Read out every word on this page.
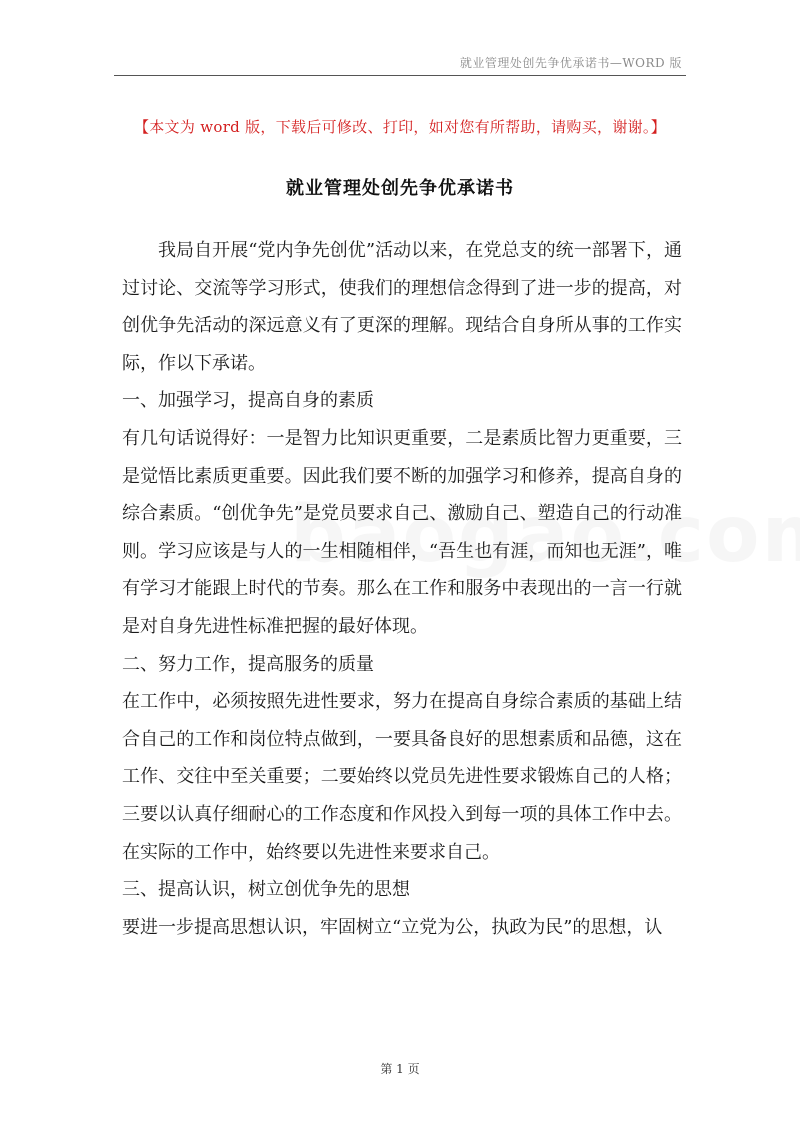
就业管理处创先争优承诺书—WORD 版
【本文为 word 版，下载后可修改、打印，如对您有所帮助，请购买，谢谢。】
就业管理处创先争优承诺书

我局自开展“党内争先创优”活动以来，在党总支的统一部署下，通过讨论、交流等学习形式，使我们的理想信念得到了进一步的提高，对创优争先活动的深远意义有了更深的理解。现结合自身所从事的工作实际，作以下承诺。

一、加强学习，提高自身的素质

有几句话说得好：一是智力比知识更重要，二是素质比智力更重要，三是觉悟比素质更重要。因此我们要不断的加强学习和修养，提高自身的综合素质。“创优争先”是党员要求自己、激励自己、塑造自己的行动准则。学习应该是与人的一生相随相伴，“吾生也有涯，而知也无涯”，唯有学习才能跟上时代的节奏。那么在工作和服务中表现出的一言一行就是对自身先进性标准把握的最好体现。

二、努力工作，提高服务的质量

在工作中，必须按照先进性要求，努力在提高自身综合素质的基础上结合自己的工作和岗位特点做到，一要具备良好的思想素质和品德，这在工作、交往中至关重要；二要始终以党员先进性要求锻炼自己的人格；三要以认真仔细耐心的工作态度和作风投入到每一项的具体工作中去。在实际的工作中，始终要以先进性来要求自己。

三、提高认识，树立创优争先的思想

要进一步提高思想认识，牢固树立“立党为公，执政为民”的思想，认

第 1 页
